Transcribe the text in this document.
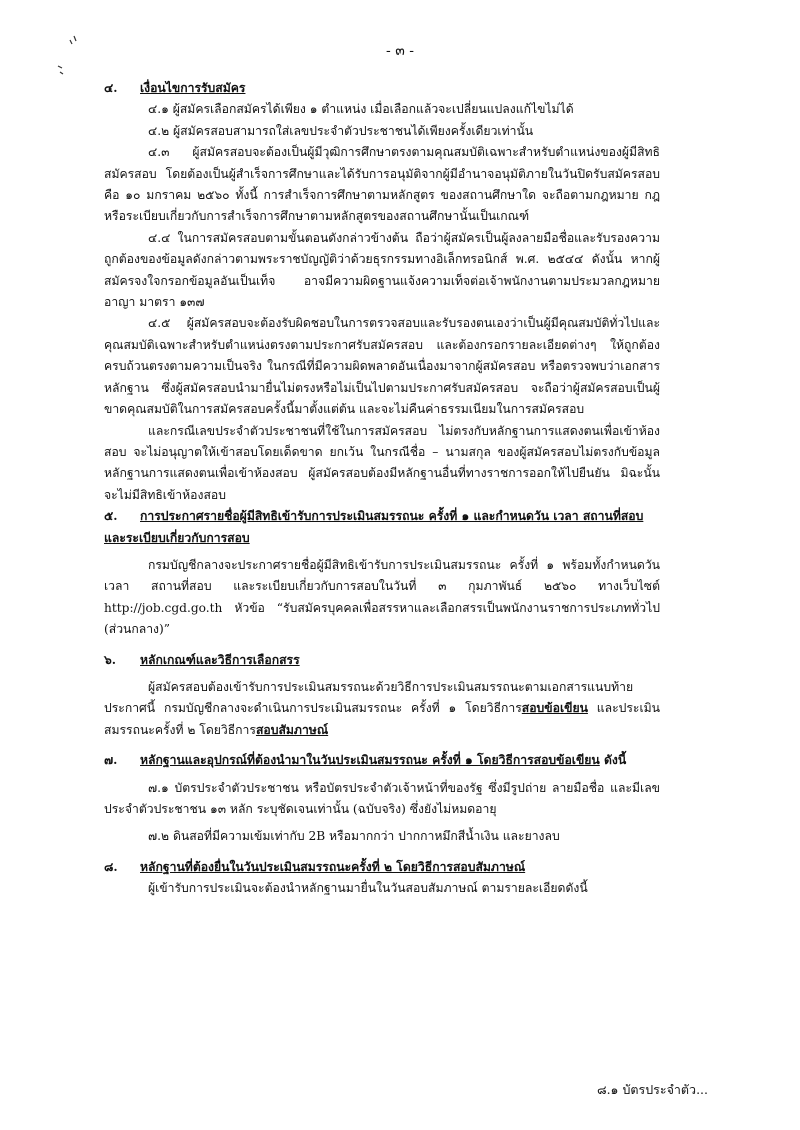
- ๓ -

๔. เงื่อนไขการรับสมัคร

๔.๑ ผู้สมัครเลือกสมัครได้เพียง ๑ ตำแหน่ง เมื่อเลือกแล้วจะเปลี่ยนแปลงแก้ไขไม่ได้

๔.๒ ผู้สมัครสอบสามารถใส่เลขประจำตัวประชาชนได้เพียงครั้งเดียวเท่านั้น

๔.๓ ผู้สมัครสอบจะต้องเป็นผู้มีวุฒิการศึกษาตรงตามคุณสมบัติเฉพาะสำหรับตำแหน่งของผู้มีสิทธิสมัครสอบ โดยต้องเป็นผู้สำเร็จการศึกษาและได้รับการอนุมัติจากผู้มีอำนาจอนุมัติภายในวันปิดรับสมัครสอบ คือ ๑๐ มกราคม ๒๕๖๐ ทั้งนี้ การสำเร็จการศึกษาตามหลักสูตร ของสถานศึกษาใด จะถือตามกฎหมาย กฎหรือระเบียบเกี่ยวกับการสำเร็จการศึกษาตามหลักสูตรของสถานศึกษานั้นเป็นเกณฑ์

๔.๔ ในการสมัครสอบตามขั้นตอนดังกล่าวข้างต้น ถือว่าผู้สมัครเป็นผู้ลงลายมือชื่อและรับรองความถูกต้องของข้อมูลดังกล่าวตามพระราชบัญญัติว่าด้วยธุรกรรมทางอิเล็กทรอนิกส์ พ.ศ. ๒๕๔๔ ดังนั้น หากผู้สมัครจงใจกรอกข้อมูลอันเป็นเท็จ อาจมีความผิดฐานแจ้งความเท็จต่อเจ้าพนักงานตามประมวลกฎหมายอาญา มาตรา ๑๓๗

๔.๕ ผู้สมัครสอบจะต้องรับผิดชอบในการตรวจสอบและรับรองตนเองว่าเป็นผู้มีคุณสมบัติทั่วไปและคุณสมบัติเฉพาะสำหรับตำแหน่งตรงตามประกาศรับสมัครสอบ และต้องกรอกรายละเอียดต่างๆ ให้ถูกต้องครบถ้วนตรงตามความเป็นจริง ในกรณีที่มีความผิดพลาดอันเนื่องมาจากผู้สมัครสอบ หรือตรวจพบว่าเอกสารหลักฐาน ซึ่งผู้สมัครสอบนำมายื่นไม่ตรงหรือไม่เป็นไปตามประกาศรับสมัครสอบ จะถือว่าผู้สมัครสอบเป็นผู้ขาดคุณสมบัติในการสมัครสอบครั้งนี้มาตั้งแต่ต้น และจะไม่คืนค่าธรรมเนียมในการสมัครสอบ

และกรณีเลขประจำตัวประชาชนที่ใช้ในการสมัครสอบ ไม่ตรงกับหลักฐานการแสดงตนเพื่อเข้าห้องสอบ จะไม่อนุญาตให้เข้าสอบโดยเด็ดขาด ยกเว้น ในกรณีชื่อ – นามสกุล ของผู้สมัครสอบไม่ตรงกับข้อมูลหลักฐานการแสดงตนเพื่อเข้าห้องสอบ ผู้สมัครสอบต้องมีหลักฐานอื่นที่ทางราชการออกให้ไปยืนยัน มิฉะนั้นจะไม่มีสิทธิเข้าห้องสอบ

๕. การประกาศรายชื่อผู้มีสิทธิเข้ารับการประเมินสมรรถนะ ครั้งที่ ๑ และกำหนดวัน เวลา สถานที่สอบและระเบียบเกี่ยวกับการสอบ

กรมบัญชีกลางจะประกาศรายชื่อผู้มีสิทธิเข้ารับการประเมินสมรรถนะ ครั้งที่ ๑ พร้อมทั้งกำหนดวัน เวลา สถานที่สอบ และระเบียบเกี่ยวกับการสอบในวันที่ ๓ กุมภาพันธ์ ๒๕๖๐ ทางเว็บไซต์ http://job.cgd.go.th หัวข้อ “รับสมัครบุคคลเพื่อสรรหาและเลือกสรรเป็นพนักงานราชการประเภททั่วไป (ส่วนกลาง)”

๖. หลักเกณฑ์และวิธีการเลือกสรร

ผู้สมัครสอบต้องเข้ารับการประเมินสมรรถนะด้วยวิธีการประเมินสมรรถนะตามเอกสารแนบท้ายประกาศนี้ กรมบัญชีกลางจะดำเนินการประเมินสมรรถนะ ครั้งที่ ๑ โดยวิธีการสอบข้อเขียน และประเมินสมรรถนะครั้งที่ ๒ โดยวิธีการสอบสัมภาษณ์

๗. หลักฐานและอุปกรณ์ที่ต้องนำมาในวันประเมินสมรรถนะ ครั้งที่ ๑ โดยวิธีการสอบข้อเขียน ดังนี้

๗.๑ บัตรประจำตัวประชาชน หรือบัตรประจำตัวเจ้าหน้าที่ของรัฐ ซึ่งมีรูปถ่าย ลายมือชื่อ และมีเลขประจำตัวประชาชน ๑๓ หลัก ระบุชัดเจนเท่านั้น (ฉบับจริง) ซึ่งยังไม่หมดอายุ

๗.๒ ดินสอที่มีความเข้มเท่ากับ 2B หรือมากกว่า ปากกาหมึกสีน้ำเงิน และยางลบ

๘. หลักฐานที่ต้องยื่นในวันประเมินสมรรถนะครั้งที่ ๒ โดยวิธีการสอบสัมภาษณ์

ผู้เข้ารับการประเมินจะต้องนำหลักฐานมายื่นในวันสอบสัมภาษณ์ ตามรายละเอียดดังนี้

๘.๑ บัตรประจำตัว...
